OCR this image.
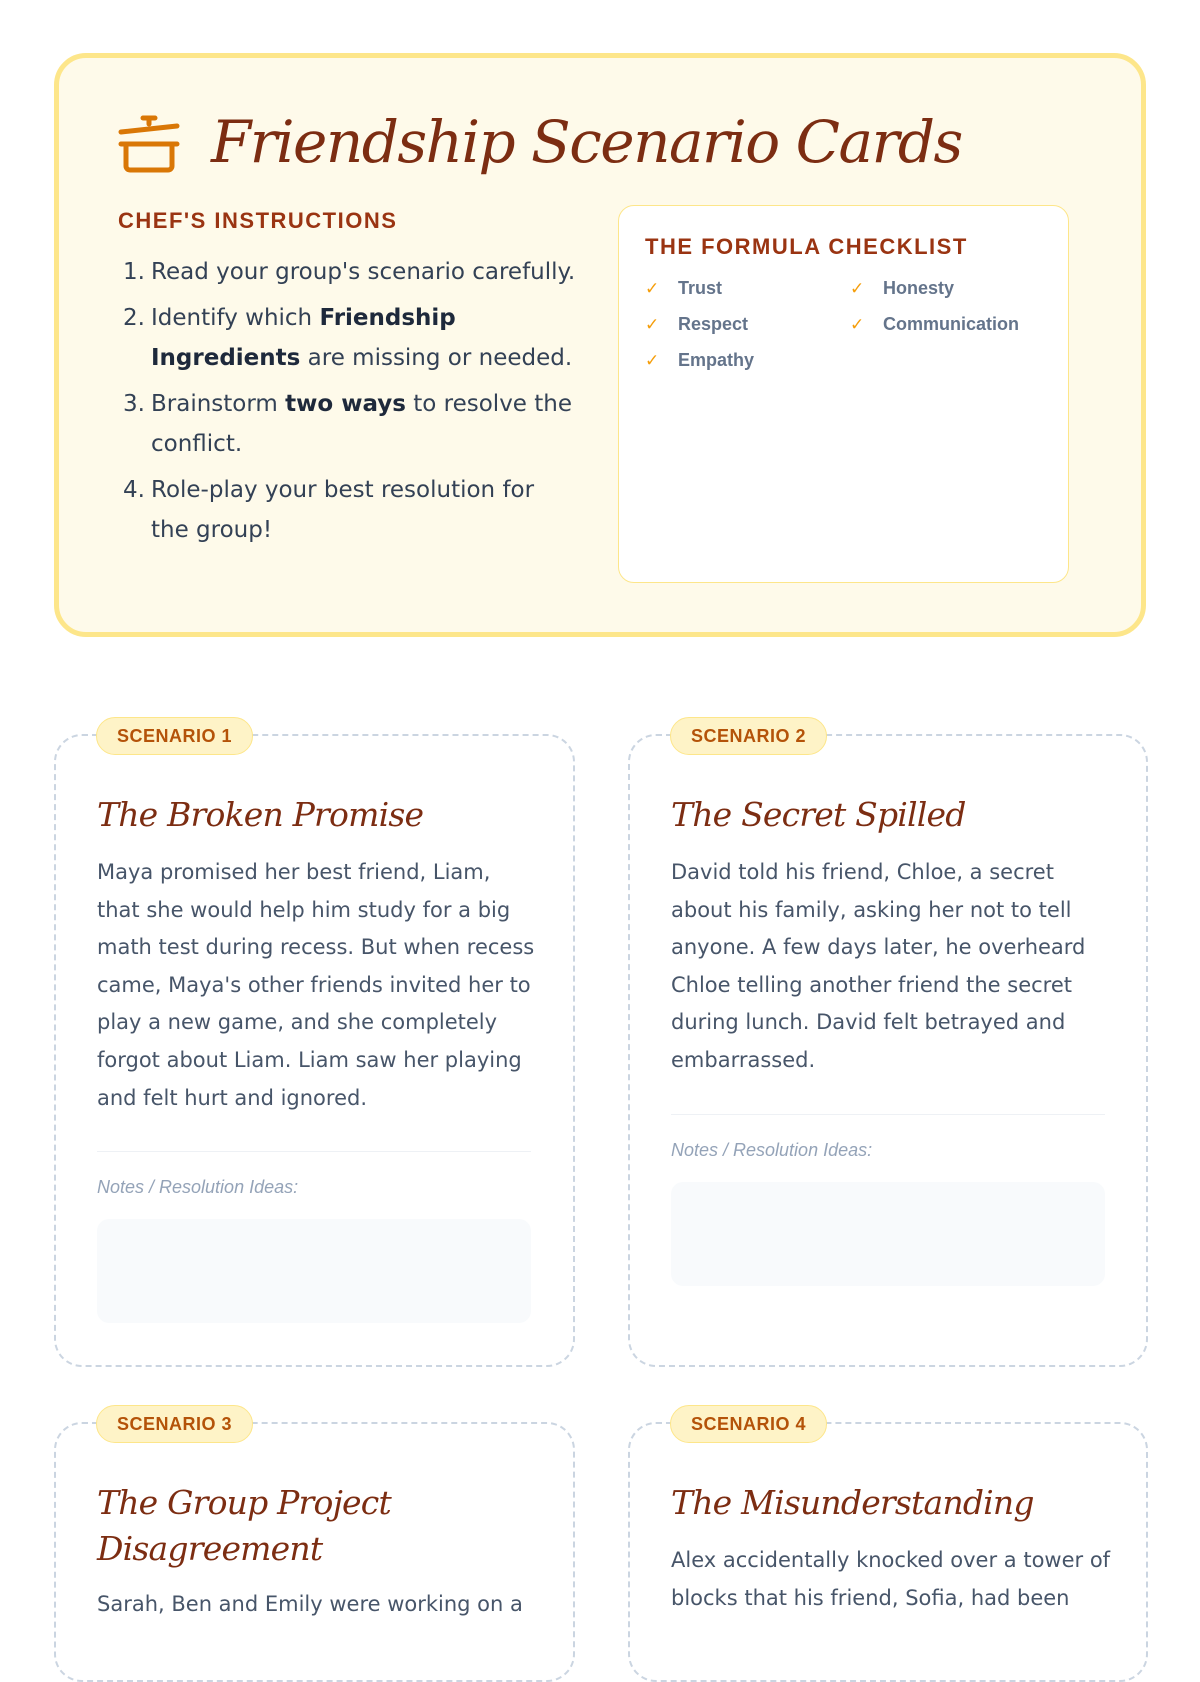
Friendship Scenario Cards
CHEF'S INSTRUCTIONS
1. Read your group's scenario carefully.
2. Identify which Friendship Ingredients are missing or needed.
3. Brainstorm two ways to resolve the conflict.
4. Role-play your best resolution for the group!
THE FORMULA CHECKLIST
✓	Trust	✓	Honesty
✓	Respect	✓	Communication
✓	Empathy
SCENARIO 1
The Broken Promise

Maya promised her best friend, Liam, that she would help him study for a big math test during recess. But when recess came, Maya's other friends invited her to play a new game, and she completely forgot about Liam. Liam saw her playing and felt hurt and ignored.

Notes / Resolution Ideas:
SCENARIO 2
The Secret Spilled

David told his friend, Chloe, a secret about his family, asking her not to tell anyone. A few days later, he overheard Chloe telling another friend the secret during lunch. David felt betrayed and embarrassed.

Notes / Resolution Ideas:
SCENARIO 3
The Group Project Disagreement

Sarah, Ben and Emily were working on a

SCENARIO 4
The Misunderstanding

Alex accidentally knocked over a tower of blocks that his friend, Sofia, had been
